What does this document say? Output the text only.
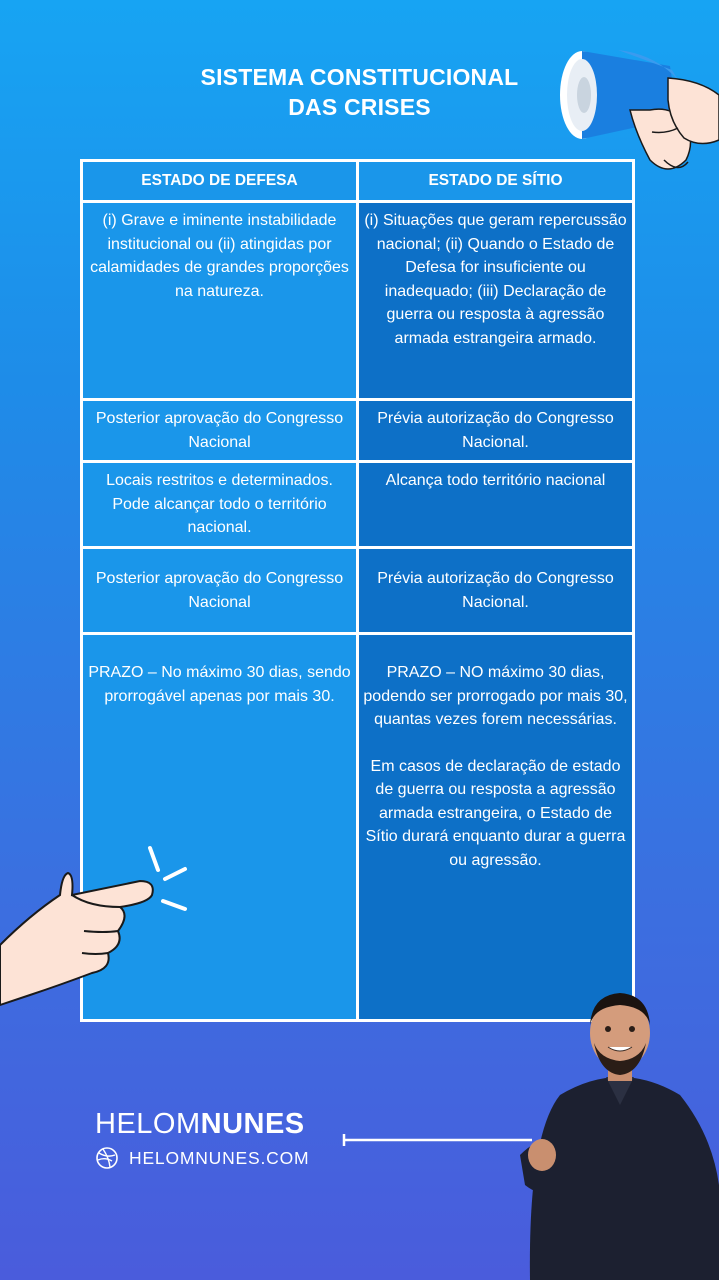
SISTEMA CONSTITUCIONAL
DAS CRISES
ESTADO DE DEFESA	ESTADO DE SÍTIO
(i) Grave e iminente instabilidade institucional ou (ii) atingidas por calamidades de grandes proporções na natureza.	(i) Situações que geram repercussão nacional; (ii) Quando o Estado de Defesa for insuficiente ou inadequado; (iii) Declaração de guerra ou resposta à agressão armada estrangeira armado.
Posterior aprovação do Congresso Nacional	Prévia autorização do Congresso Nacional.
Locais restritos e determinados. Pode alcançar todo o território nacional.	Alcança todo território nacional
Posterior aprovação do Congresso Nacional	Prévia autorização do Congresso Nacional.
PRAZO – No máximo 30 dias, sendo prorrogável apenas por mais 30.	PRAZO – NO máximo 30 dias, podendo ser prorrogado por mais 30, quantas vezes forem necessárias.
Em casos de declaração de estado de guerra ou resposta a agressão armada estrangeira, o Estado de Sítio durará enquanto durar a guerra ou agressão.
HELOMNUNES
HELOMNUNES.COM
